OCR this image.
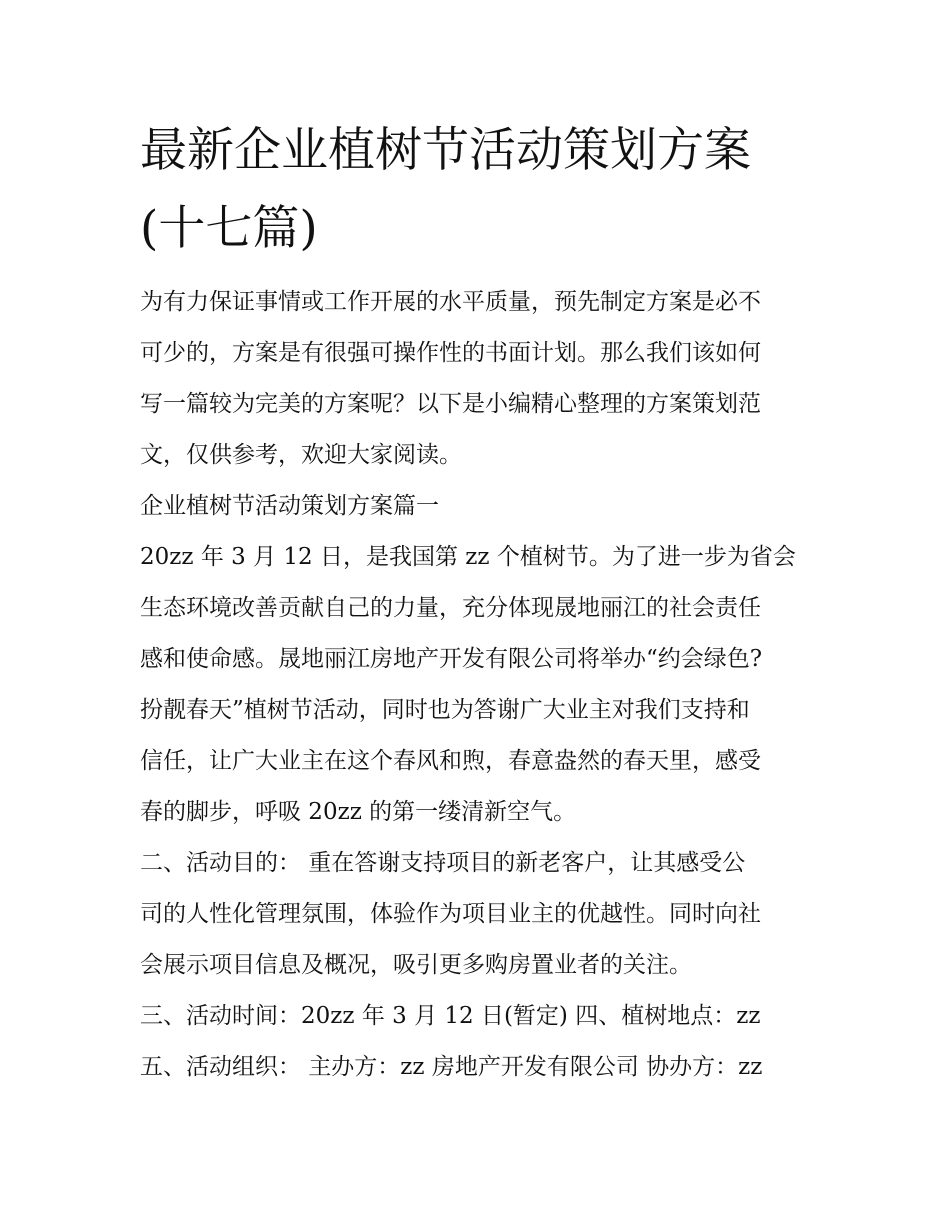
最新企业植树节活动策划方案
(十七篇)
为有力保证事情或工作开展的水平质量，预先制定方案是必不
可少的，方案是有很强可操作性的书面计划。那么我们该如何
写一篇较为完美的方案呢？以下是小编精心整理的方案策划范
文，仅供参考，欢迎大家阅读。
企业植树节活动策划方案篇一
20zz 年 3 月 12 日，是我国第 zz 个植树节。为了进一步为省会
生态环境改善贡献自己的力量，充分体现晟地丽江的社会责任
感和使命感。晟地丽江房地产开发有限公司将举办“约会绿色?
扮靓春天”植树节活动，同时也为答谢广大业主对我们支持和
信任，让广大业主在这个春风和煦，春意盎然的春天里，感受
春的脚步，呼吸 20zz 的第一缕清新空气。
二、活动目的： 重在答谢支持项目的新老客户，让其感受公
司的人性化管理氛围，体验作为项目业主的优越性。同时向社
会展示项目信息及概况，吸引更多购房置业者的关注。
三、活动时间：20zz 年 3 月 12 日(暂定) 四、植树地点：zz
五、活动组织： 主办方：zz 房地产开发有限公司 协办方：zz
